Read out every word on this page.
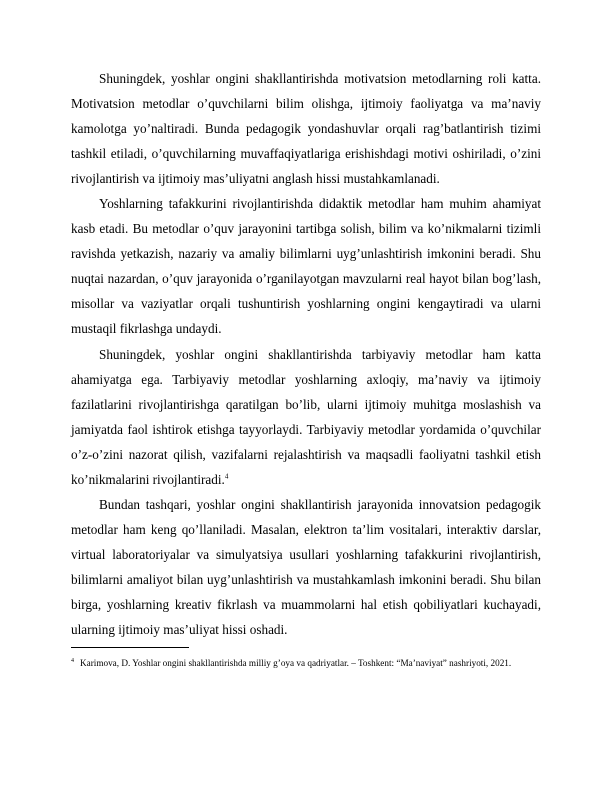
Shuningdek, yoshlar ongini shakllantirishda motivatsion metodlarning roli katta. Motivatsion metodlar o’quvchilarni bilim olishga, ijtimoiy faoliyatga va ma’naviy kamolotga yo’naltiradi. Bunda pedagogik yondashuvlar orqali rag’batlantirish tizimi tashkil etiladi, o’quvchilarning muvaffaqiyatlariga erishishdagi motivi oshiriladi, o’zini rivojlantirish va ijtimoiy mas’uliyatni anglash hissi mustahkamlanadi.

Yoshlarning tafakkurini rivojlantirishda didaktik metodlar ham muhim ahamiyat kasb etadi. Bu metodlar o’quv jarayonini tartibga solish, bilim va ko’nikmalarni tizimli ravishda yetkazish, nazariy va amaliy bilimlarni uyg’unlashtirish imkonini beradi. Shu nuqtai nazardan, o’quv jarayonida o’rganilayotgan mavzularni real hayot bilan bog’lash, misollar va vaziyatlar orqali tushuntirish yoshlarning ongini kengaytiradi va ularni mustaqil fikrlashga undaydi.

Shuningdek, yoshlar ongini shakllantirishda tarbiyaviy metodlar ham katta ahamiyatga ega. Tarbiyaviy metodlar yoshlarning axloqiy, ma’naviy va ijtimoiy fazilatlarini rivojlantirishga qaratilgan bo’lib, ularni ijtimoiy muhitga moslashish va jamiyatda faol ishtirok etishga tayyorlaydi. Tarbiyaviy metodlar yordamida o’quvchilar o’z-o’zini nazorat qilish, vazifalarni rejalashtirish va maqsadli faoliyatni tashkil etish ko’nikmalarini rivojlantiradi.$^4$

Bundan tashqari, yoshlar ongini shakllantirish jarayonida innovatsion pedagogik metodlar ham keng qo’llaniladi. Masalan, elektron ta’lim vositalari, interaktiv darslar, virtual laboratoriyalar va simulyatsiya usullari yoshlarning tafakkurini rivojlantirish, bilimlarni amaliyot bilan uyg’unlashtirish va mustahkamlash imkonini beradi. Shu bilan birga, yoshlarning kreativ fikrlash va muammolarni hal etish qobiliyatlari kuchayadi, ularning ijtimoiy mas’uliyat hissi oshadi.

$^4$ Karimova, D. Yoshlar ongini shakllantirishda milliy g’oya va qadriyatlar. – Toshkent: “Ma’naviyat” nashriyoti, 2021.
